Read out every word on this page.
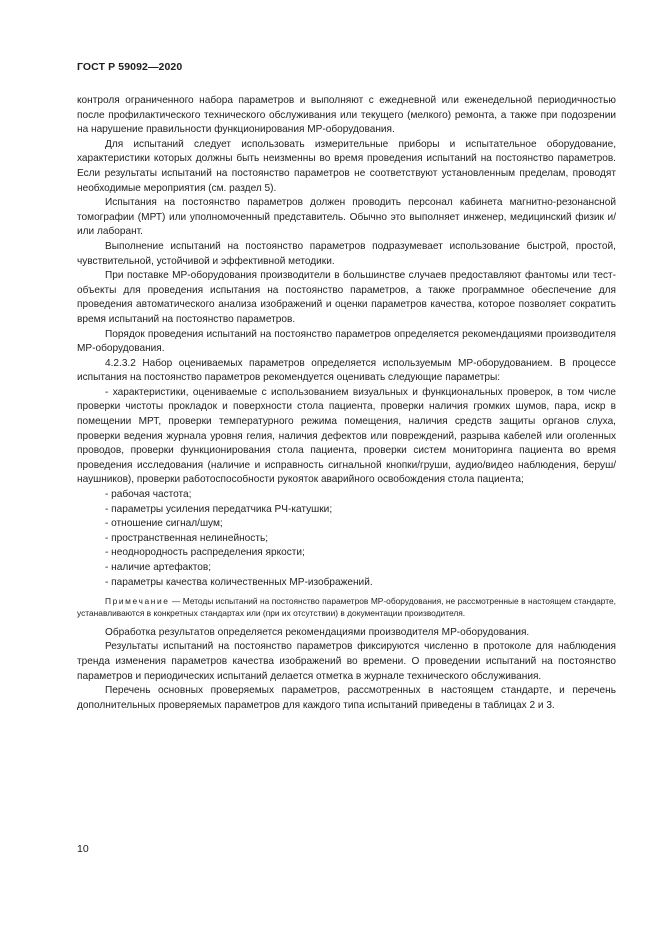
ГОСТ Р 59092—2020

контроля ограниченного набора параметров и выполняют с ежедневной или еженедельной периодичностью после профилактического технического обслуживания или текущего (мелкого) ремонта, а также при подозрении на нарушение правильности функционирования МР-оборудования.

Для испытаний следует использовать измерительные приборы и испытательное оборудование, характеристики которых должны быть неизменны во время проведения испытаний на постоянство параметров. Если результаты испытаний на постоянство параметров не соответствуют установленным пределам, проводят необходимые мероприятия (см. раздел 5).

Испытания на постоянство параметров должен проводить персонал кабинета магнитно-резонансной томографии (МРТ) или уполномоченный представитель. Обычно это выполняет инженер, медицинский физик и/или лаборант.

Выполнение испытаний на постоянство параметров подразумевает использование быстрой, простой, чувствительной, устойчивой и эффективной методики.

При поставке МР-оборудования производители в большинстве случаев предоставляют фантомы или тест-объекты для проведения испытания на постоянство параметров, а также программное обеспечение для проведения автоматического анализа изображений и оценки параметров качества, которое позволяет сократить время испытаний на постоянство параметров.

Порядок проведения испытаний на постоянство параметров определяется рекомендациями производителя МР-оборудования.

4.2.3.2 Набор оцениваемых параметров определяется используемым МР-оборудованием. В процессе испытания на постоянство параметров рекомендуется оценивать следующие параметры:

- характеристики, оцениваемые с использованием визуальных и функциональных проверок, в том числе проверки чистоты прокладок и поверхности стола пациента, проверки наличия громких шумов, пара, искр в помещении МРТ, проверки температурного режима помещения, наличия средств защиты органов слуха, проверки ведения журнала уровня гелия, наличия дефектов или повреждений, разрыва кабелей или оголенных проводов, проверки функционирования стола пациента, проверки систем мониторинга пациента во время проведения исследования (наличие и исправность сигнальной кнопки/груши, аудио/видео наблюдения, беруш/наушников), проверки работоспособности рукояток аварийного освобождения стола пациента;

- рабочая частота;

- параметры усиления передатчика РЧ-катушки;

- отношение сигнал/шум;

- пространственная нелинейность;

- неоднородность распределения яркости;

- наличие артефактов;

- параметры качества количественных МР-изображений.

Примечание — Методы испытаний на постоянство параметров МР-оборудования, не рассмотренные в настоящем стандарте, устанавливаются в конкретных стандартах или (при их отсутствии) в документации производителя.

Обработка результатов определяется рекомендациями производителя МР-оборудования.

Результаты испытаний на постоянство параметров фиксируются численно в протоколе для наблюдения тренда изменения параметров качества изображений во времени. О проведении испытаний на постоянство параметров и периодических испытаний делается отметка в журнале технического обслуживания.

Перечень основных проверяемых параметров, рассмотренных в настоящем стандарте, и перечень дополнительных проверяемых параметров для каждого типа испытаний приведены в таблицах 2 и 3.

10
